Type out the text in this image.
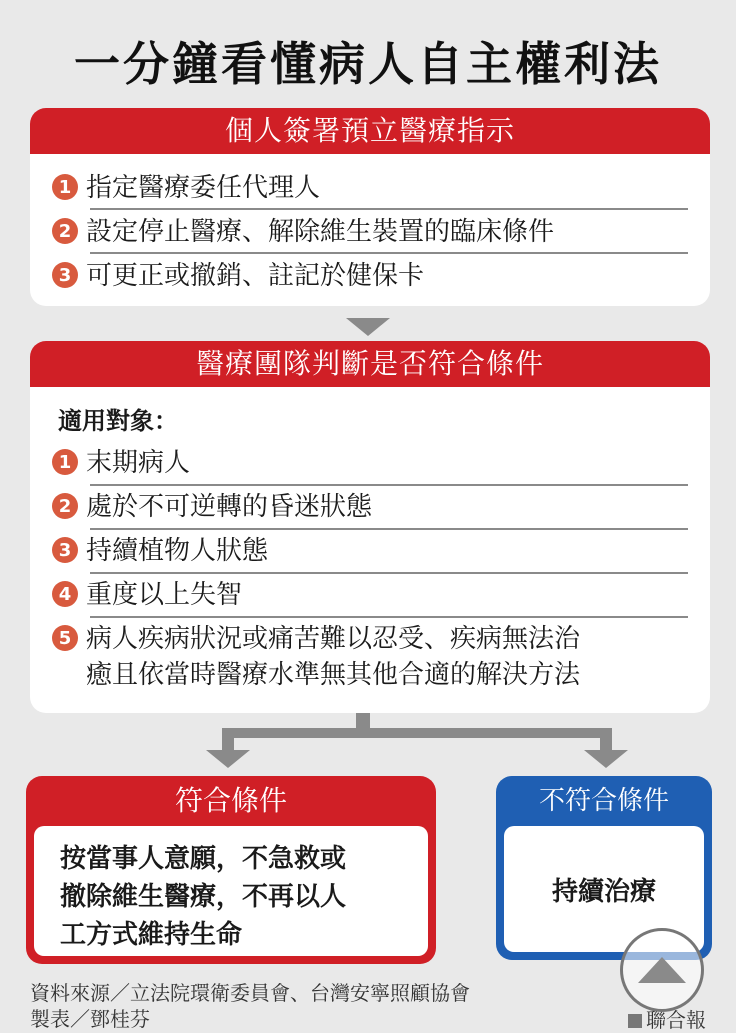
一分鐘看懂病人自主權利法
個人簽署預立醫療指示
1 指定醫療委任代理人
2 設定停止醫療、解除維生裝置的臨床條件
3 可更正或撤銷、註記於健保卡
醫療團隊判斷是否符合條件
適用對象：
1 末期病人
2 處於不可逆轉的昏迷狀態
3 持續植物人狀態
4 重度以上失智
5 病人疾病狀況或痛苦難以忍受、疾病無法治
癒且依當時醫療水準無其他合適的解決方法
符合條件
按當事人意願，不急救或
撤除維生醫療，不再以人
工方式維持生命
不符合條件
持續治療
資料來源／立法院環衛委員會、台灣安寧照顧協會
製表／鄧桂芬	聯合報
